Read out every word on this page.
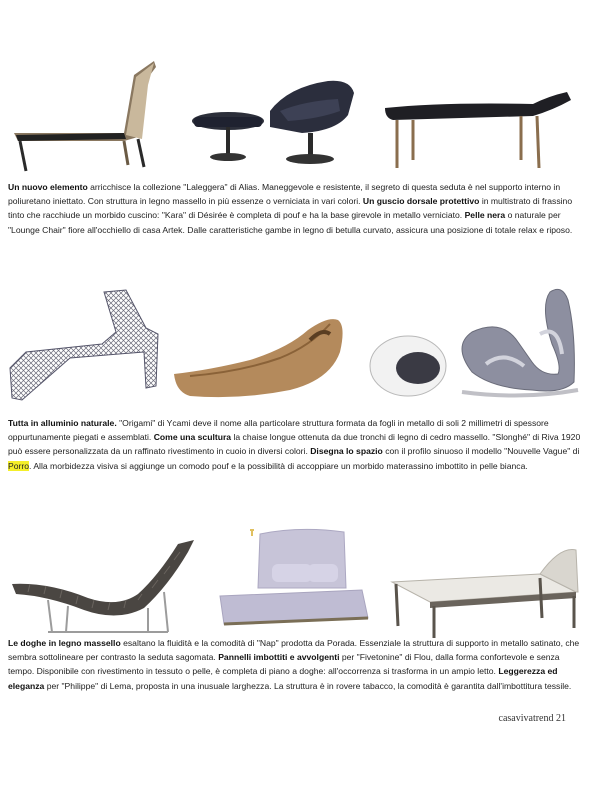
Un nuovo elemento arricchisce la collezione "Laleggera" di Alias. Maneggevole e resistente, il segreto di questa seduta è nel supporto interno in poliuretano iniettato. Con struttura in legno massello in più essenze o verniciata in vari colori. Un guscio dorsale protettivo in multistrato di frassino tinto che racchiude un morbido cuscino: "Kara" di Désirée è completa di pouf e ha la base girevole in metallo verniciato. Pelle nera o naturale per "Lounge Chair" fiore all'occhiello di casa Artek. Dalle caratteristiche gambe in legno di betulla curvato, assicura una posizione di totale relax e riposo.
Tutta in alluminio naturale. "Origami" di Ycami deve il nome alla particolare struttura formata da fogli in metallo di soli 2 millimetri di spessore oppurtunamente piegati e assemblati. Come una scultura la chaise longue ottenuta da due tronchi di legno di cedro massello. "Slonghé" di Riva 1920 può essere personalizzata da un raffinato rivestimento in cuoio in diversi colori. Disegna lo spazio con il profilo sinuoso il modello "Nouvelle Vague" di Porro. Alla morbidezza visiva si aggiunge un comodo pouf e la possibilità di accoppiare un morbido materassino imbottito in pelle bianca.
Le doghe in legno massello esaltano la fluidità e la comodità di "Nap" prodotta da Porada. Essenziale la struttura di supporto in metallo satinato, che sembra sottolineare per contrasto la seduta sagomata. Pannelli imbottiti e avvolgenti per "Fivetonine" di Flou, dalla forma confortevole e senza tempo. Disponibile con rivestimento in tessuto o pelle, è completa di piano a doghe: all'occorrenza si trasforma in un ampio letto. Leggerezza ed eleganza per "Philippe" di Lema, proposta in una inusuale larghezza. La struttura è in rovere tabacco, la comodità è garantita dall'imbottitura tessile.
casavivatrend 21
